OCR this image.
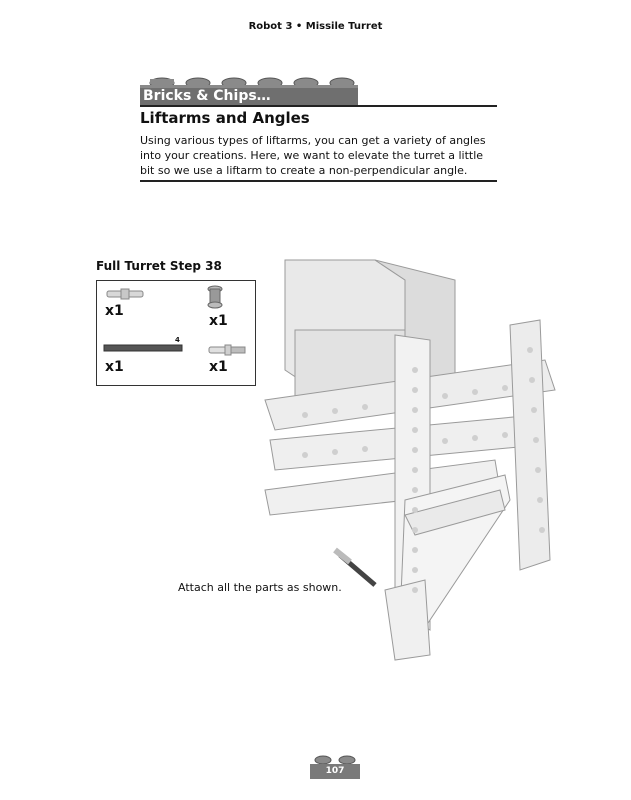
Robot 3 • Missile Turret
Bricks & Chips…
Liftarms and Angles
Using various types of liftarms, you can get a variety of angles
into your creations. Here, we want to elevate the turret a little
bit so we use a liftarm to create a non-perpendicular angle.
Full Turret Step 38
x1
x1
4
x1	x1
Attach all the parts as shown.
107
